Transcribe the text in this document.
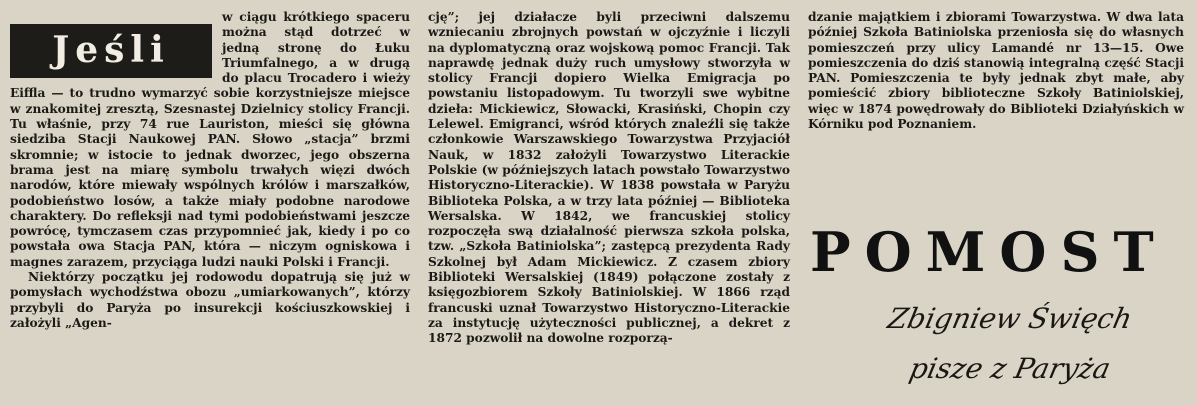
Jeśli

w ciągu krótkiego spaceru można stąd dotrzeć w jedną stronę do Łuku Triumfalnego, a w drugą do placu Trocadero i wieży Eiffla — to trudno wymarzyć sobie korzystniejsze miejsce w znakomitej zresztą, Szesnastej Dzielnicy stolicy Francji. Tu właśnie, przy 74 rue Lauriston, mieści się główna siedziba Stacji Naukowej PAN. Słowo „stacja” brzmi skromnie; w istocie to jednak dworzec, jego obszerna brama jest na miarę symbolu trwałych więzi dwóch narodów, które miewały wspólnych królów i marszałków, podobieństwo losów, a także miały podobne narodowe charaktery. Do refleksji nad tymi podobieństwami jeszcze powrócę, tymczasem czas przypomnieć jak, kiedy i po co powstała owa Stacja PAN, która — niczym ogniskowa i magnes zarazem, przyciąga ludzi nauki Polski i Francji.

Niektórzy początku jej rodowodu dopatrują się już w pomysłach wychodźstwa obozu „umiarkowanych”, którzy przybyli do Paryża po insurekcji kościuszkowskiej i założyli „Agen-

cję”; jej działacze byli przeciwni dalszemu wzniecaniu zbrojnych powstań w ojczyźnie i liczyli na dyplomatyczną oraz wojskową pomoc Francji. Tak naprawdę jednak duży ruch umysłowy stworzyła w stolicy Francji dopiero Wielka Emigracja po powstaniu listopadowym. Tu tworzyli swe wybitne dzieła: Mickiewicz, Słowacki, Krasiński, Chopin czy Lelewel. Emigranci, wśród których znaleźli się także członkowie Warszawskiego Towarzystwa Przyjaciół Nauk, w 1832 założyli Towarzystwo Literackie Polskie (w późniejszych latach powstało Towarzystwo Historyczno-Literackie). W 1838 powstała w Paryżu Biblioteka Polska, a w trzy lata później — Biblioteka Wersalska. W 1842, we francuskiej stolicy rozpoczęła swą działalność pierwsza szkoła polska, tzw. „Szkoła Batiniolska”; zastępcą prezydenta Rady Szkolnej był Adam Mickiewicz. Z czasem zbiory Biblioteki Wersalskiej (1849) połączone zostały z księgozbiorem Szkoły Batiniolskiej. W 1866 rząd francuski uznał Towarzystwo Historyczno-Literackie za instytucję użyteczności publicznej, a dekret z 1872 pozwolił na dowolne rozporzą-

dzanie majątkiem i zbiorami Towarzystwa. W dwa lata później Szkoła Batiniolska przeniosła się do własnych pomieszczeń przy ulicy Lamandé nr 13—15. Owe pomieszczenia do dziś stanowią integralną część Stacji PAN. Pomieszczenia te były jednak zbyt małe, aby pomieścić zbiory biblioteczne Szkoły Batiniolskiej, więc w 1874 powędrowały do Biblioteki Działyńskich w Kórniku pod Poznaniem.

POMOST
Zbigniew Święch
pisze z Paryża
